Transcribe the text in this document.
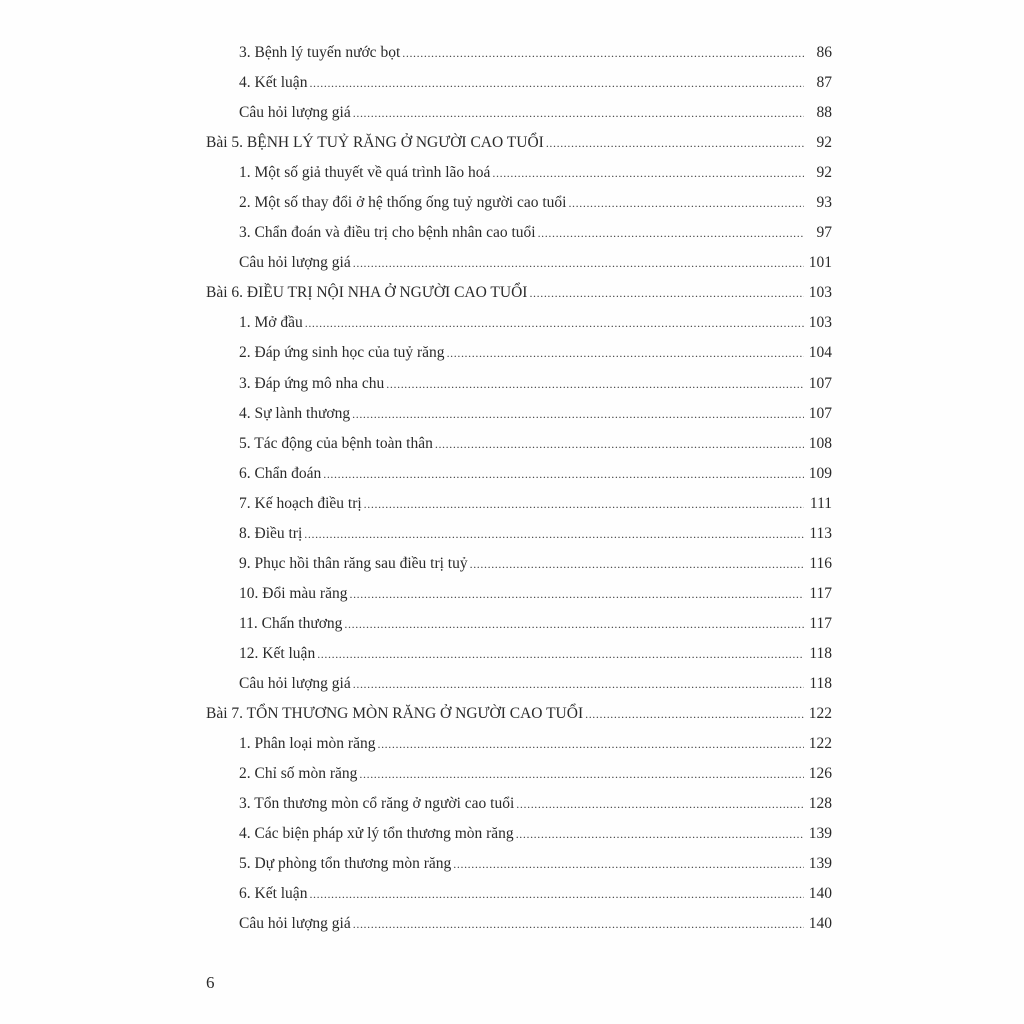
3. Bệnh lý tuyến nước bọt .....	86
4. Kết luận .....	87
Câu hỏi lượng giá .....	88
Bài 5. BỆNH LÝ TUỶ RĂNG Ở NGƯỜI CAO TUỔI .....	92
1. Một số giả thuyết về quá trình lão hoá .....	92
2. Một số thay đổi ở hệ thống ống tuỷ người cao tuổi .....	93
3. Chẩn đoán và điều trị cho bệnh nhân cao tuổi .....	97
Câu hỏi lượng giá .....	101
Bài 6. ĐIỀU TRỊ NỘI NHA Ở NGƯỜI CAO TUỔI .....	103
1. Mở đầu .....	103
2. Đáp ứng sinh học của tuỷ răng .....	104
3. Đáp ứng mô nha chu .....	107
4. Sự lành thương .....	107
5. Tác động của bệnh toàn thân .....	108
6. Chẩn đoán .....	109
7. Kế hoạch điều trị .....	111
8. Điều trị .....	113
9. Phục hồi thân răng sau điều trị tuỷ .....	116
10. Đổi màu răng .....	117
11. Chấn thương .....	117
12. Kết luận .....	118
Câu hỏi lượng giá .....	118
Bài 7. TỔN THƯƠNG MÒN RĂNG Ở NGƯỜI CAO TUỔI .....	122
1. Phân loại mòn răng .....	122
2. Chỉ số mòn răng .....	126
3. Tổn thương mòn cổ răng ở người cao tuổi .....	128
4. Các biện pháp xử lý tổn thương mòn răng .....	139
5. Dự phòng tổn thương mòn răng .....	139
6. Kết luận .....	140
Câu hỏi lượng giá .....	140
6
